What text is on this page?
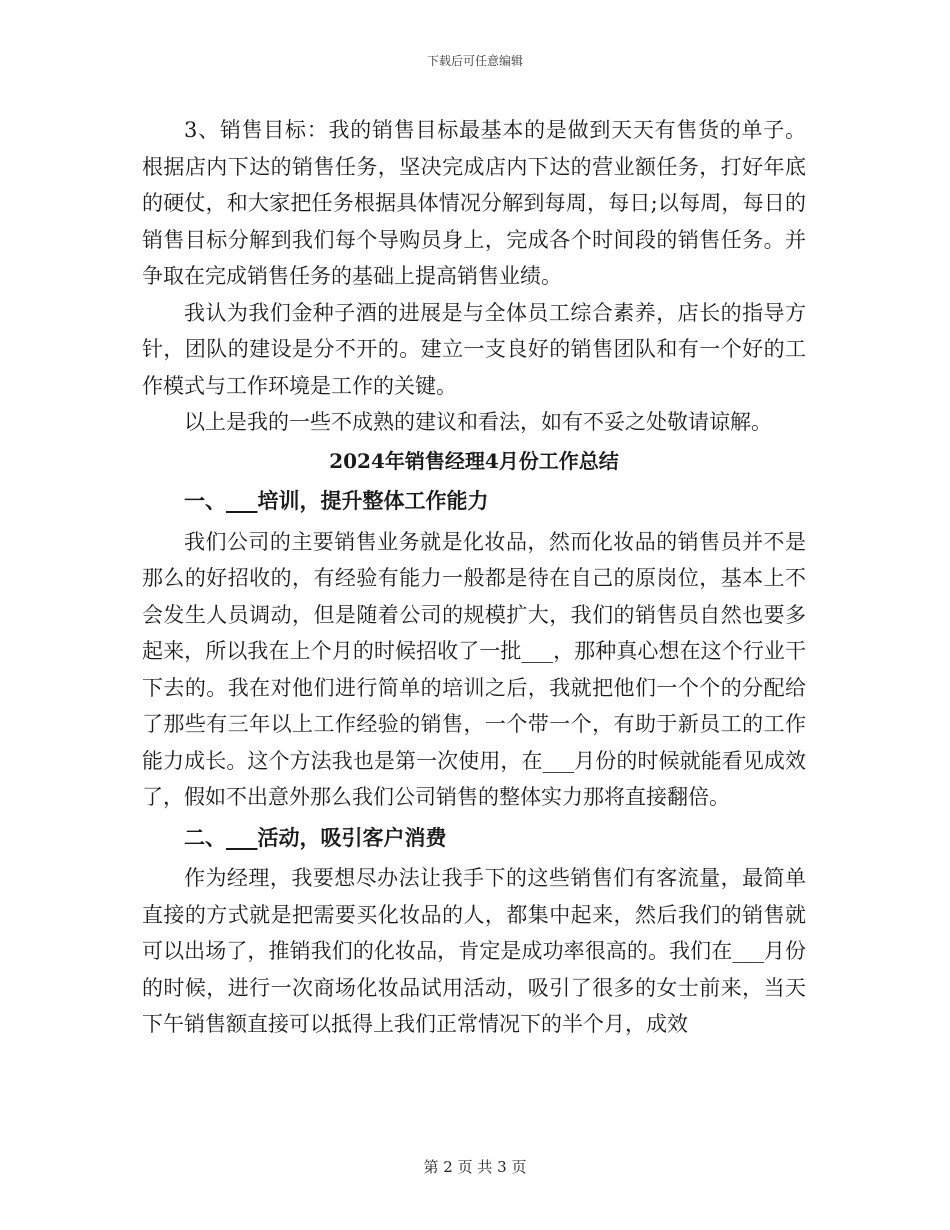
下载后可任意编辑

3、销售目标：我的销售目标最基本的是做到天天有售货的单子。根据店内下达的销售任务，坚决完成店内下达的营业额任务，打好年底的硬仗，和大家把任务根据具体情况分解到每周，每日;以每周，每日的销售目标分解到我们每个导购员身上，完成各个时间段的销售任务。并争取在完成销售任务的基础上提高销售业绩。

我认为我们金种子酒的进展是与全体员工综合素养，店长的指导方针，团队的建设是分不开的。建立一支良好的销售团队和有一个好的工作模式与工作环境是工作的关键。

以上是我的一些不成熟的建议和看法，如有不妥之处敬请谅解。

2024年销售经理4月份工作总结
一、___培训，提升整体工作能力

我们公司的主要销售业务就是化妆品，然而化妆品的销售员并不是那么的好招收的，有经验有能力一般都是待在自己的原岗位，基本上不会发生人员调动，但是随着公司的规模扩大，我们的销售员自然也要多起来，所以我在上个月的时候招收了一批___，那种真心想在这个行业干下去的。我在对他们进行简单的培训之后，我就把他们一个个的分配给了那些有三年以上工作经验的销售，一个带一个，有助于新员工的工作能力成长。这个方法我也是第一次使用，在___月份的时候就能看见成效了，假如不出意外那么我们公司销售的整体实力那将直接翻倍。

二、___活动，吸引客户消费

作为经理，我要想尽办法让我手下的这些销售们有客流量，最简单直接的方式就是把需要买化妆品的人，都集中起来，然后我们的销售就可以出场了，推销我们的化妆品，肯定是成功率很高的。我们在___月份的时候，进行一次商场化妆品试用活动，吸引了很多的女士前来，当天下午销售额直接可以抵得上我们正常情况下的半个月，成效

第 2 页 共 3 页
